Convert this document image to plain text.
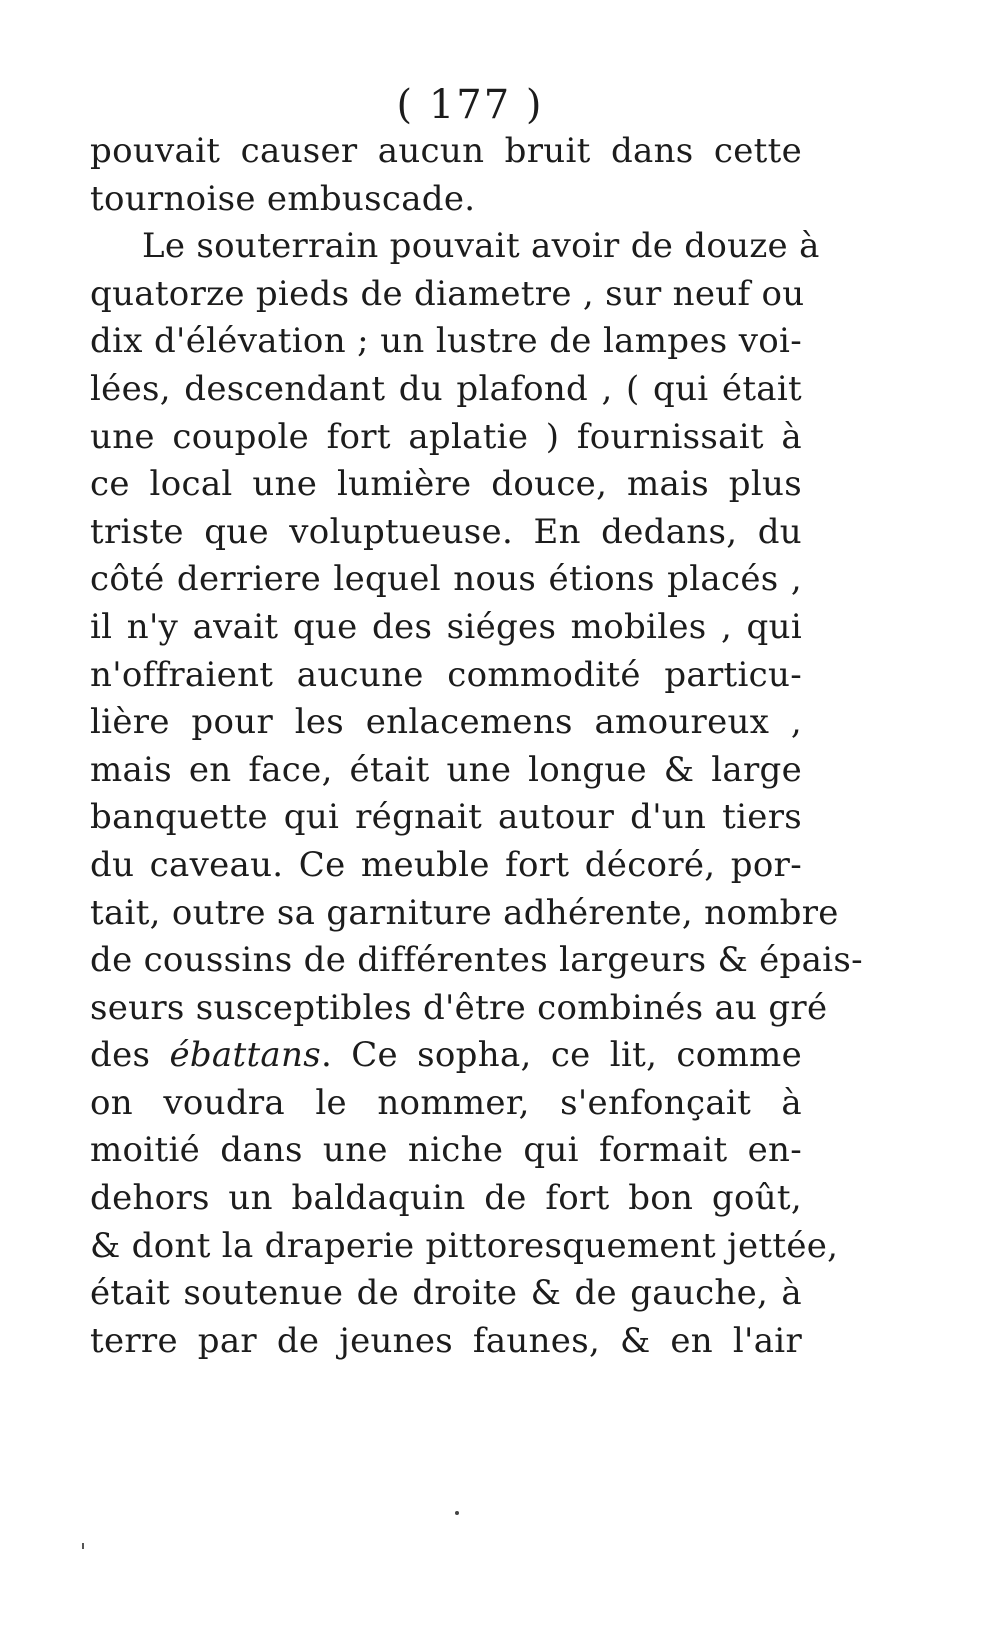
( 177 )
pouvait causer aucun bruit dans cette
tournoise embuscade.
Le souterrain pouvait avoir de douze à
quatorze pieds de diametre , sur neuf ou
dix d'élévation ; un lustre de lampes voi-
lées, descendant du plafond , ( qui était
une coupole fort aplatie ) fournissait à
ce local une lumière douce, mais plus
triste que voluptueuse. En dedans, du
côté derriere lequel nous étions placés ,
il n'y avait que des siéges mobiles , qui
n'offraient aucune commodité particu-
lière pour les enlacemens amoureux ,
mais en face, était une longue & large
banquette qui régnait autour d'un tiers
du caveau. Ce meuble fort décoré, por-
tait, outre sa garniture adhérente, nombre
de coussins de différentes largeurs & épais-
seurs susceptibles d'être combinés au gré
des ébattans. Ce sopha, ce lit, comme
on voudra le nommer, s'enfonçait à
moitié dans une niche qui formait en-
dehors un baldaquin de fort bon goût,
& dont la draperie pittoresquement jettée,
était soutenue de droite & de gauche, à
terre par de jeunes faunes, & en l'air
